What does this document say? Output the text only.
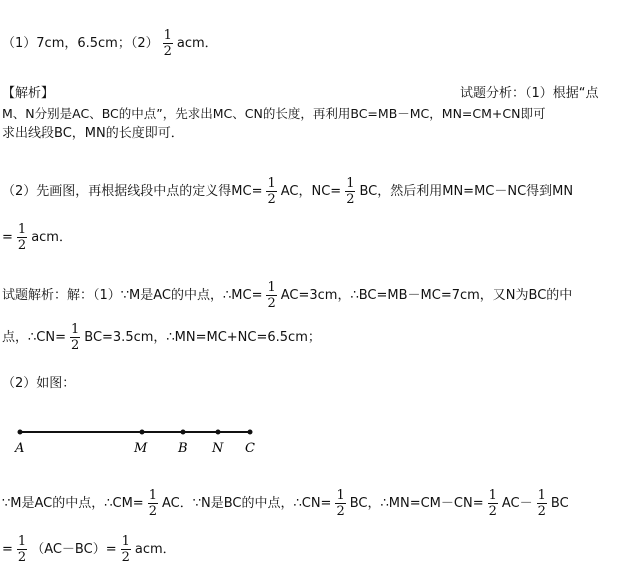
（1）7cm，6.5cm；$(2) \frac{1}{2}$ acm．
【解析】	试题分析：（1）根据“点
M、N分别是AC、BC的中点”，先求出MC、CN的长度，再利用BC=MB－MC，MN=CM+CN即可
求出线段BC，MN的长度即可．
（2）先画图，再根据线段中点的定义得$MC= \frac{1}{2}$ AC，$NC= \frac{1}{2}$ BC，然后利用MN=MC－NC得到MN
= $\frac{1}{2}$ acm．
试题解析：解：（1）∵M是AC的中点，∴MC= $\frac{1}{2} AC=3cm$，∴BC=MB－MC=7cm，又N为BC的中
点，∴CN= $\frac{1}{2} BC=3.5cm$，∴MN=MC+NC=6.5cm；
（2）如图：
A	M B N C
∵M是AC的中点，∴CM= $\frac{1}{2}$ AC．∵N是BC的中点，∴CN= $\frac{1}{2}$ BC，∴MN=CM－CN= $\frac{1}{2} AC- \frac{1}{2}$ BC
= $\frac{1}{2} (AC-BC)= \frac{1}{2}$ acm．
